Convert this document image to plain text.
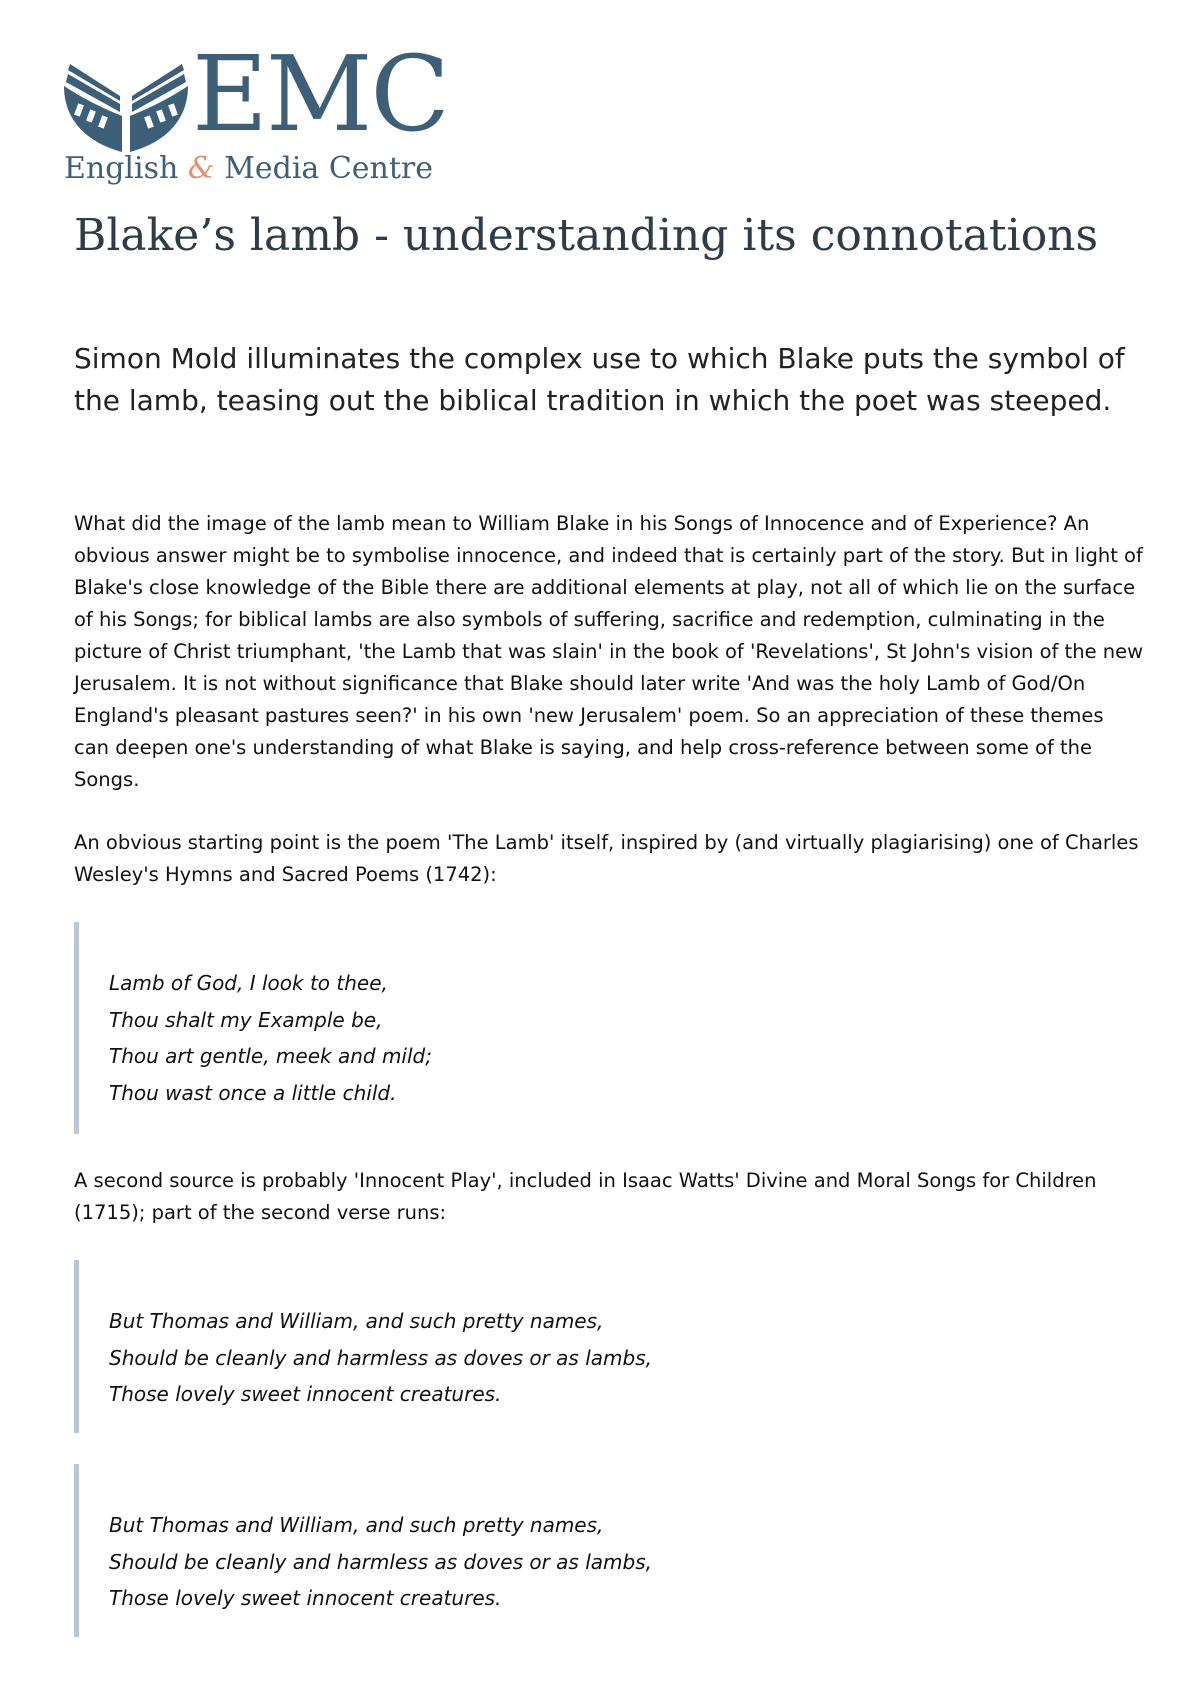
EMC
English & Media Centre
Blake’s lamb - understanding its connotations

Simon Mold illuminates the complex use to which Blake puts the symbol of the lamb, teasing out the biblical tradition in which the poet was steeped.

What did the image of the lamb mean to William Blake in his Songs of Innocence and of Experience? An obvious answer might be to symbolise innocence, and indeed that is certainly part of the story. But in light of Blake's close knowledge of the Bible there are additional elements at play, not all of which lie on the surface of his Songs; for biblical lambs are also symbols of suffering, sacrifice and redemption, culminating in the picture of Christ triumphant, 'the Lamb that was slain' in the book of 'Revelations', St John's vision of the new Jerusalem. It is not without significance that Blake should later write 'And was the holy Lamb of God/On England's pleasant pastures seen?' in his own 'new Jerusalem' poem. So an appreciation of these themes can deepen one's understanding of what Blake is saying, and help cross-reference between some of the Songs.

An obvious starting point is the poem 'The Lamb' itself, inspired by (and virtually plagiarising) one of Charles Wesley's Hymns and Sacred Poems (1742):

Lamb of God, I look to thee,
Thou shalt my Example be,
Thou art gentle, meek and mild;
Thou wast once a little child.

A second source is probably 'Innocent Play', included in Isaac Watts' Divine and Moral Songs for Children (1715); part of the second verse runs:

But Thomas and William, and such pretty names,
Should be cleanly and harmless as doves or as lambs,
Those lovely sweet innocent creatures.
But Thomas and William, and such pretty names,
Should be cleanly and harmless as doves or as lambs,
Those lovely sweet innocent creatures.
